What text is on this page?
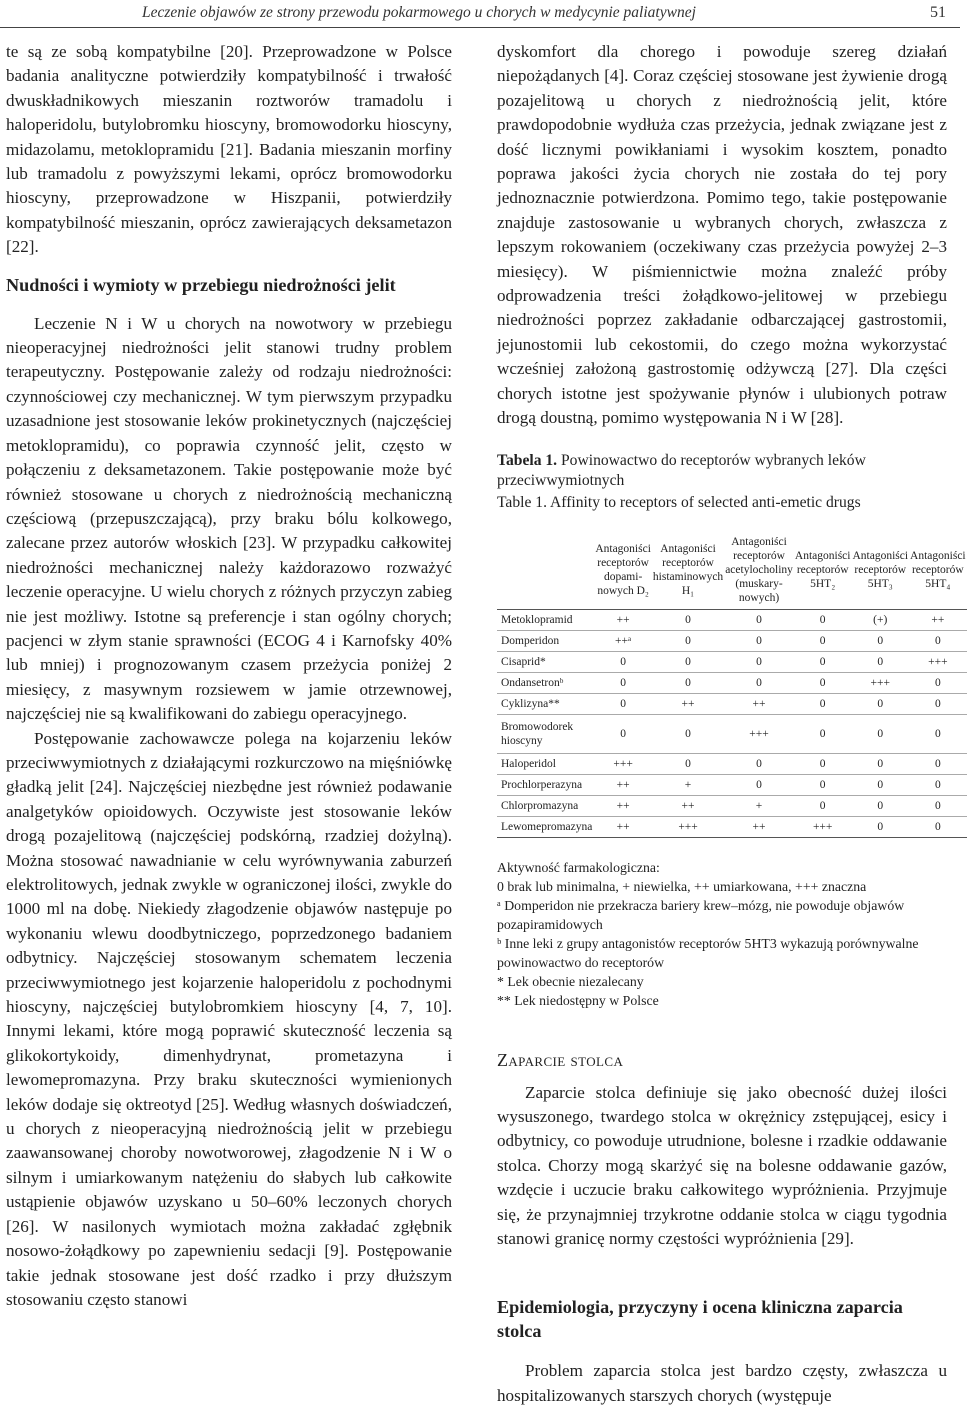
Leczenie objawów ze strony przewodu pokarmowego u chorych w medycynie paliatywnej	51

te są ze sobą kompatybilne [20]. Przeprowadzone w Polsce badania analityczne potwierdziły kompatybilność i trwałość dwuskładnikowych mieszanin roztworów tramadolu i haloperidolu, butylobromku hioscyny, bromowodorku hioscyny, midazolamu, metoklopramidu [21]. Badania mieszanin morfiny lub tramadolu z powyższymi lekami, oprócz bromowodorku hioscyny, przeprowadzone w Hiszpanii, potwierdziły kompatybilność mieszanin, oprócz zawierających deksametazon [22].

Nudności i wymioty w przebiegu niedrożności jelit

Leczenie N i W u chorych na nowotwory w przebiegu nieoperacyjnej niedrożności jelit stanowi trudny problem terapeutyczny. Postępowanie zależy od rodzaju niedrożności: czynnościowej czy mechanicznej. W tym pierwszym przypadku uzasadnione jest stosowanie leków prokinetycznych (najczęściej metoklopramidu), co poprawia czynność jelit, często w połączeniu z deksametazonem. Takie postępowanie może być również stosowane u chorych z niedrożnością mechaniczną częściową (przepuszczającą), przy braku bólu kolkowego, zalecane przez autorów włoskich [23]. W przypadku całkowitej niedrożności mechanicznej należy każdorazowo rozważyć leczenie operacyjne. U wielu chorych z różnych przyczyn zabieg nie jest możliwy. Istotne są preferencje i stan ogólny chorych; pacjenci w złym stanie sprawności (ECOG 4 i Karnofsky 40% lub mniej) i prognozowanym czasem przeżycia poniżej 2 miesięcy, z masywnym rozsiewem w jamie otrzewnowej, najczęściej nie są kwalifikowani do zabiegu operacyjnego.

Postępowanie zachowawcze polega na kojarzeniu leków przeciwwymiotnych z działającymi rozkurczowo na mięśniówkę gładką jelit [24]. Najczęściej niezbędne jest również podawanie analgetyków opioidowych. Oczywiste jest stosowanie leków drogą pozajelitową (najczęściej podskórną, rzadziej dożylną). Można stosować nawadnianie w celu wyrównywania zaburzeń elektrolitowych, jednak zwykle w ograniczonej ilości, zwykle do 1000 ml na dobę. Niekiedy złagodzenie objawów następuje po wykonaniu wlewu doodbytniczego, poprzedzonego badaniem odbytnicy. Najczęściej stosowanym schematem leczenia przeciwwymiotnego jest kojarzenie haloperidolu z pochodnymi hioscyny, najczęściej butylobromkiem hioscyny [4, 7, 10]. Innymi lekami, które mogą poprawić skuteczność leczenia są glikokortykoidy, dimenhydrynat, prometazyna i lewomepromazyna. Przy braku skuteczności wymienionych leków dodaje się oktreotyd [25]. Według własnych doświadczeń, u chorych z nieoperacyjną niedrożnością jelit w przebiegu zaawansowanej choroby nowotworowej, złagodzenie N i W o silnym i umiarkowanym natężeniu do słabych lub całkowite ustąpienie objawów uzyskano u 50–60% leczonych chorych [26]. W nasilonych wymiotach można zakładać zgłębnik nosowo-żołądkowy po zapewnieniu sedacji [9]. Postępowanie takie jednak stosowane jest dość rzadko i przy dłuższym stosowaniu często stanowi

dyskomfort dla chorego i powoduje szereg działań niepożądanych [4]. Coraz częściej stosowane jest żywienie drogą pozajelitową u chorych z niedrożnością jelit, które prawdopodobnie wydłuża czas przeżycia, jednak związane jest z dość licznymi powikłaniami i wysokim kosztem, ponadto poprawa jakości życia chorych nie została do tej pory jednoznacznie potwierdzona. Pomimo tego, takie postępowanie znajduje zastosowanie u wybranych chorych, zwłaszcza z lepszym rokowaniem (oczekiwany czas przeżycia powyżej 2–3 miesięcy). W piśmiennictwie można znaleźć próby odprowadzenia treści żołądkowo-jelitowej w przebiegu niedrożności poprzez zakładanie odbarczającej gastrostomii, jejunostomii lub cekostomii, do czego można wykorzystać wcześniej założoną gastrostomię odżywczą [27]. Dla części chorych istotne jest spożywanie płynów i ulubionych potraw drogą doustną, pomimo występowania N i W [28].

Tabela 1. Powinowactwo do receptorów wybranych leków przeciwwymiotnych
Table 1. Affinity to receptors of selected anti-emetic drugs
	Antagoniści receptorów dopami-nowych D₂	Antagoniści receptorów histaminowych H₁	Antagoniści receptorów acetylocholiny (muskary-nowych)	Antagoniści receptorów 5HT₂	Antagoniści receptorów 5HT₃	Antagoniści receptorów 5HT₄
Metoklopramid	++	0	0	0	(+)	++
Domperidon	++ᵃ	0	0	0	0	0
Cisaprid*	0	0	0	0	0	+++
Ondansetronᵇ	0	0	0	0	+++	0
Cyklizyna**	0	++	++	0	0	0
Bromowodorek hioscyny	0	0	+++	0	0	0
Haloperidol	+++	0	0	0	0	0
Prochlorperazyna	++	+	0	0	0	0
Chlorpromazyna	++	++	+	0	0	0
Lewomepromazyna	++	+++	++	+++	0	0
Aktywność farmakologiczna:
0 brak lub minimalna, + niewielka, ++ umiarkowana, +++ znaczna
ᵃ Domperidon nie przekracza bariery krew–mózg, nie powoduje objawów pozapiramidowych
ᵇ Inne leki z grupy antagonistów receptorów 5HT3 wykazują porównywalne powinowactwo do receptorów
* Lek obecnie niezalecany
** Lek niedostępny w Polsce
Zaparcie stolca

Zaparcie stolca definiuje się jako obecność dużej ilości wysuszonego, twardego stolca w okrężnicy zstępującej, esicy i odbytnicy, co powoduje utrudnione, bolesne i rzadkie oddawanie stolca. Chorzy mogą skarżyć się na bolesne oddawanie gazów, wzdęcie i uczucie braku całkowitego wypróżnienia. Przyjmuje się, że przynajmniej trzykrotne oddanie stolca w ciągu tygodnia stanowi granicę normy częstości wypróżnienia [29].

Epidemiologia, przyczyny i ocena kliniczna zaparcia stolca

Problem zaparcia stolca jest bardzo częsty, zwłaszcza u hospitalizowanych starszych chorych (występuje
